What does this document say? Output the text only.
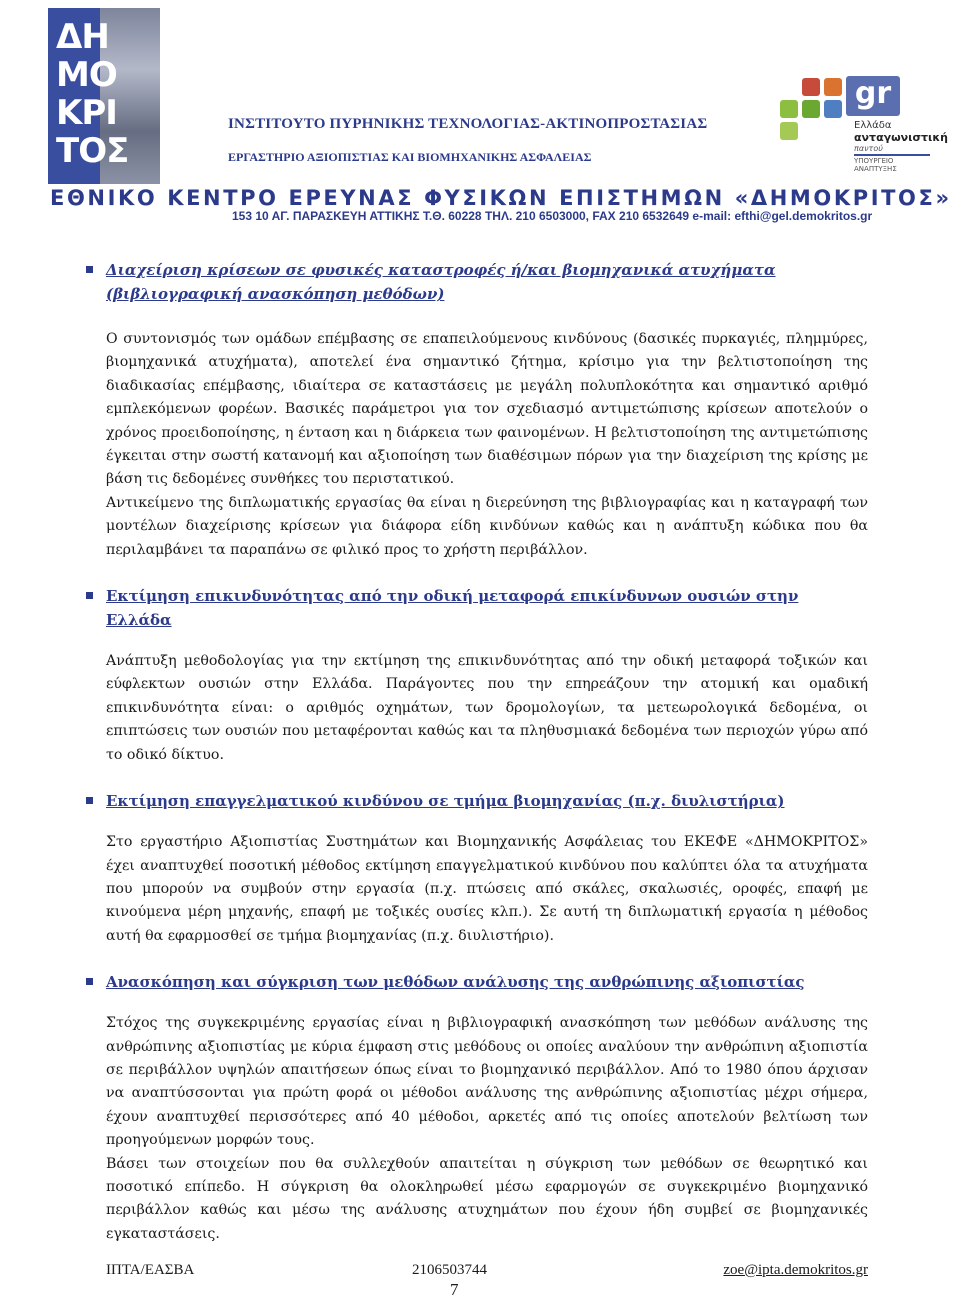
ΔΗ ΜΟ ΚΡΙ ΤΟΣ
gr
Ελλάδα
ανταγωνιστική
παντού
ΥΠΟΥΡΓΕΙΟ ΑΝΑΠΤΥΞΗΣ
ΙΝΣΤΙΤΟΥΤΟ ΠΥΡΗΝΙΚΗΣ ΤΕΧΝΟΛΟΓΙΑΣ-ΑΚΤΙΝΟΠΡΟΣΤΑΣΙΑΣ
ΕΡΓΑΣΤΗΡΙΟ ΑΞΙΟΠΙΣΤΙΑΣ ΚΑΙ ΒΙΟΜΗΧΑΝΙΚΗΣ ΑΣΦΑΛΕΙΑΣ
ΕΘΝΙΚΟ ΚΕΝΤΡΟ ΕΡΕΥΝΑΣ ΦΥΣΙΚΩΝ ΕΠΙΣΤΗΜΩΝ «ΔΗΜΟΚΡΙΤΟΣ»
153 10 ΑΓ. ΠΑΡΑΣΚΕΥΗ ΑΤΤΙΚΗΣ Τ.Θ. 60228 ΤΗΛ. 210 6503000, FAX 210 6532649 e-mail: efthi@gel.demokritos.gr
Διαχείριση κρίσεων σε φυσικές καταστροφές ή/και βιομηχανικά ατυχήματα (βιβλιογραφική ανασκόπηση μεθόδων)

Ο συντονισμός των ομάδων επέμβασης σε επαπειλούμενους κινδύνους (δασικές πυρκαγιές, πλημμύρες, βιομηχανικά ατυχήματα), αποτελεί ένα σημαντικό ζήτημα, κρίσιμο για την βελτιστοποίηση της διαδικασίας επέμβασης, ιδιαίτερα σε καταστάσεις με μεγάλη πολυπλοκότητα και σημαντικό αριθμό εμπλεκόμενων φορέων. Βασικές παράμετροι για τον σχεδιασμό αντιμετώπισης κρίσεων αποτελούν ο χρόνος προειδοποίησης, η ένταση και η διάρκεια των φαινομένων. Η βελτιστοποίηση της αντιμετώπισης έγκειται στην σωστή κατανομή και αξιοποίηση των διαθέσιμων πόρων για την διαχείριση της κρίσης με βάση τις δεδομένες συνθήκες του περιστατικού.

Αντικείμενο της διπλωματικής εργασίας θα είναι η διερεύνηση της βιβλιογραφίας και η καταγραφή των μοντέλων διαχείρισης κρίσεων για διάφορα είδη κινδύνων καθώς και η ανάπτυξη κώδικα που θα περιλαμβάνει τα παραπάνω σε φιλικό προς το χρήστη περιβάλλον.

Εκτίμηση επικινδυνότητας από την οδική μεταφορά επικίνδυνων ουσιών στην Ελλάδα

Ανάπτυξη μεθοδολογίας για την εκτίμηση της επικινδυνότητας από την οδική μεταφορά τοξικών και εύφλεκτων ουσιών στην Ελλάδα. Παράγοντες που την επηρεάζουν την ατομική και ομαδική επικινδυνότητα είναι: ο αριθμός οχημάτων, των δρομολογίων, τα μετεωρολογικά δεδομένα, οι επιπτώσεις των ουσιών που μεταφέρονται καθώς και τα πληθυσμιακά δεδομένα των περιοχών γύρω από το οδικό δίκτυο.

Εκτίμηση επαγγελματικού κινδύνου σε τμήμα βιομηχανίας (π.χ. διυλιστήρια)

Στο εργαστήριο Αξιοπιστίας Συστημάτων και Βιομηχανικής Ασφάλειας του ΕΚΕΦΕ «ΔΗΜΟΚΡΙΤΟΣ» έχει αναπτυχθεί ποσοτική μέθοδος εκτίμηση επαγγελματικού κινδύνου που καλύπτει όλα τα ατυχήματα που μπορούν να συμβούν στην εργασία (π.χ. πτώσεις από σκάλες, σκαλωσιές, οροφές, επαφή με κινούμενα μέρη μηχανής, επαφή με τοξικές ουσίες κλπ.). Σε αυτή τη διπλωματική εργασία η μέθοδος αυτή θα εφαρμοσθεί σε τμήμα βιομηχανίας (π.χ. διυλιστήριο).

Ανασκόπηση και σύγκριση των μεθόδων ανάλυσης της ανθρώπινης αξιοπιστίας

Στόχος της συγκεκριμένης εργασίας είναι η βιβλιογραφική ανασκόπηση των μεθόδων ανάλυσης της ανθρώπινης αξιοπιστίας με κύρια έμφαση στις μεθόδους οι οποίες αναλύουν την ανθρώπινη αξιοπιστία σε περιβάλλον υψηλών απαιτήσεων όπως είναι το βιομηχανικό περιβάλλον. Από το 1980 όπου άρχισαν να αναπτύσσονται για πρώτη φορά οι μέθοδοι ανάλυσης της ανθρώπινης αξιοπιστίας μέχρι σήμερα, έχουν αναπτυχθεί περισσότερες από 40 μέθοδοι, αρκετές από τις οποίες αποτελούν βελτίωση των προηγούμενων μορφών τους.

Βάσει των στοιχείων που θα συλλεχθούν απαιτείται η σύγκριση των μεθόδων σε θεωρητικό και ποσοτικό επίπεδο. Η σύγκριση θα ολοκληρωθεί μέσω εφαρμογών σε συγκεκριμένο βιομηχανικό περιβάλλον καθώς και μέσω της ανάλυσης ατυχημάτων που έχουν ήδη συμβεί σε βιομηχανικές εγκαταστάσεις.

ΙΠΤΑ/ΕΑΣΒΑ	2106503744	zoe@ipta.demokritos.gr
7
